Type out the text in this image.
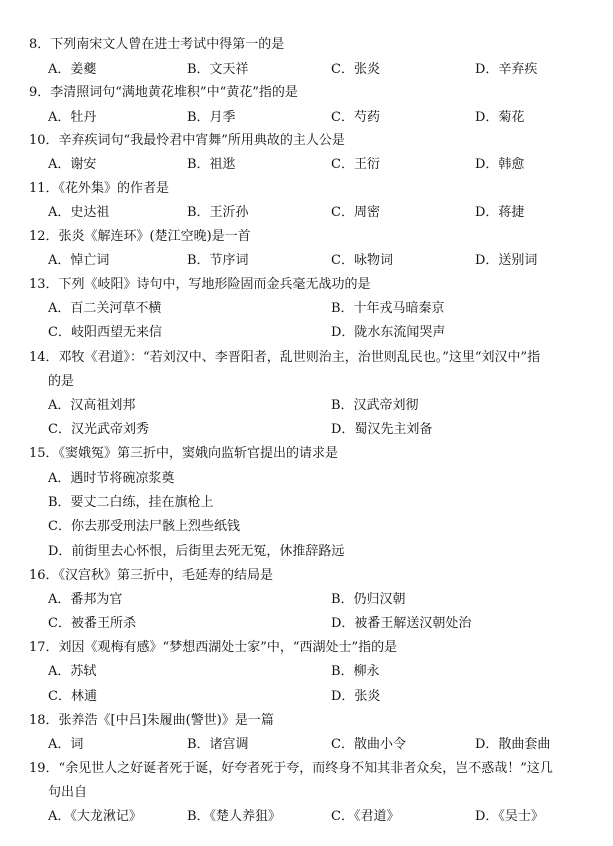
8．下列南宋文人曾在进士考试中得第一的是
A．姜夔	B．文天祥	C．张炎	D．辛弃疾
9．李清照词句“满地黄花堆积”中“黄花”指的是
A．牡丹	B．月季	C．芍药	D．菊花
10．辛弃疾词句“我最怜君中宵舞”所用典故的主人公是
A．谢安	B．祖逖	C．王衍	D．韩愈
11．《花外集》的作者是
A．史达祖	B．王沂孙	C．周密	D．蒋捷
12．张炎《解连环》(楚江空晚)是一首
A．悼亡词	B．节序词	C．咏物词	D．送别词
13．下列《岐阳》诗句中，写地形险固而金兵毫无战功的是
A．百二关河草不横	B．十年戎马暗秦京
C．岐阳西望无来信	D．陇水东流闻哭声
14．邓牧《君道》：“若刘汉中、李晋阳者，乱世则治主，治世则乱民也。”这里“刘汉中”指
的是
A．汉高祖刘邦	B．汉武帝刘彻
C．汉光武帝刘秀	D．蜀汉先主刘备
15．《窦娥冤》第三折中，窦娥向监斩官提出的请求是
A．遇时节将碗凉浆奠
B．要丈二白练，挂在旗枪上
C．你去那受刑法尸骸上烈些纸钱
D．前街里去心怀恨，后街里去死无冤，休推辞路远
16．《汉宫秋》第三折中，毛延寿的结局是
A．番邦为官	B．仍归汉朝
C．被番王所杀	D．被番王解送汉朝处治
17．刘因《观梅有感》“梦想西湖处士家”中，“西湖处士”指的是
A．苏轼	B．柳永
C．林逋	D．张炎
18．张养浩《[中吕]朱履曲(警世)》是一篇
A．词	B．诸宫调	C．散曲小令	D．散曲套曲
19．“余见世人之好诞者死于诞，好夸者死于夸，而终身不知其非者众矣，岂不惑哉！”这几
句出自
A．《大龙湫记》	B．《楚人养狙》	C．《君道》	D．《吴士》
